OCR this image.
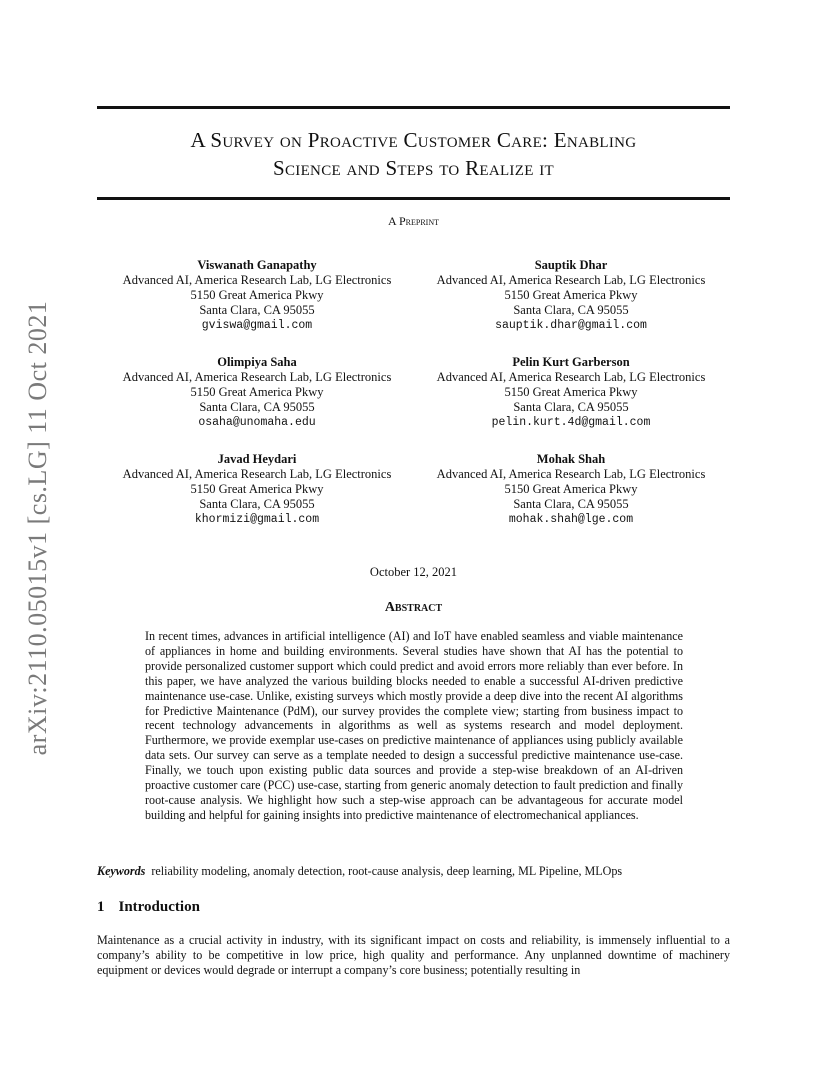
arXiv:2110.05015v1 [cs.LG] 11 Oct 2021
A Survey on Proactive Customer Care: Enabling
Science and Steps to Realize it
A Preprint
Viswanath Ganapathy
Advanced AI, America Research Lab, LG Electronics
5150 Great America Pkwy
Santa Clara, CA 95055
gviswa@gmail.com
Sauptik Dhar
Advanced AI, America Research Lab, LG Electronics
5150 Great America Pkwy
Santa Clara, CA 95055
sauptik.dhar@gmail.com
Olimpiya Saha
Advanced AI, America Research Lab, LG Electronics
5150 Great America Pkwy
Santa Clara, CA 95055
osaha@unomaha.edu
Pelin Kurt Garberson
Advanced AI, America Research Lab, LG Electronics
5150 Great America Pkwy
Santa Clara, CA 95055
pelin.kurt.4d@gmail.com
Javad Heydari
Advanced AI, America Research Lab, LG Electronics
5150 Great America Pkwy
Santa Clara, CA 95055
khormizi@gmail.com
Mohak Shah
Advanced AI, America Research Lab, LG Electronics
5150 Great America Pkwy
Santa Clara, CA 95055
mohak.shah@lge.com
October 12, 2021
Abstract
In recent times, advances in artificial intelligence (AI) and IoT have enabled seamless and viable maintenance of appliances in home and building environments. Several studies have shown that AI has the potential to provide personalized customer support which could predict and avoid errors more reliably than ever before. In this paper, we have analyzed the various building blocks needed to enable a successful AI-driven predictive maintenance use-case. Unlike, existing surveys which mostly provide a deep dive into the recent AI algorithms for Predictive Maintenance (PdM), our survey provides the complete view; starting from business impact to recent technology advancements in algorithms as well as systems research and model deployment. Furthermore, we provide exemplar use-cases on predictive maintenance of appliances using publicly available data sets. Our survey can serve as a template needed to design a successful predictive maintenance use-case. Finally, we touch upon existing public data sources and provide a step-wise breakdown of an AI-driven proactive customer care (PCC) use-case, starting from generic anomaly detection to fault prediction and finally root-cause analysis. We highlight how such a step-wise approach can be advantageous for accurate model building and helpful for gaining insights into predictive maintenance of electromechanical appliances.
Keywords reliability modeling, anomaly detection, root-cause analysis, deep learning, ML Pipeline, MLOps
1 Introduction
Maintenance as a crucial activity in industry, with its significant impact on costs and reliability, is immensely influential to a company’s ability to be competitive in low price, high quality and performance. Any unplanned downtime of machinery equipment or devices would degrade or interrupt a company’s core business; potentially resulting in
